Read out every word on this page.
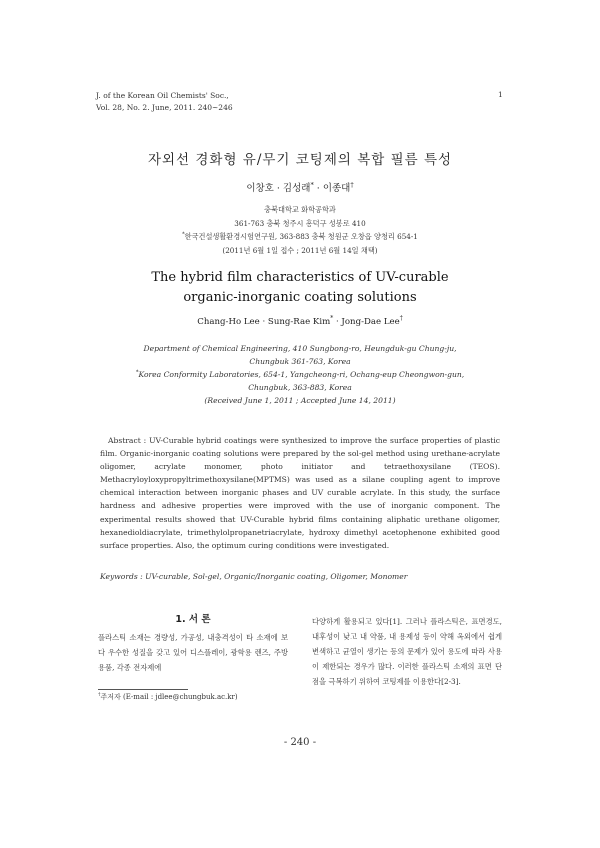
J. of the Korean Oil Chemists' Soc.,
Vol. 28, No. 2. June, 2011. 240~246
1
자외선 경화형 유/무기 코팅제의 복합 필름 특성
이창호 · 김성래* · 이종대†
충북대학교 화학공학과
361-763 충북 청주시 흥덕구 성봉로 410
*한국건설생활환경시험연구원, 363-883 충북 청원군 오창읍 양청리 654-1
(2011년 6월 1일 접수 ; 2011년 6월 14일 채택)
The hybrid film characteristics of UV-curable
organic-inorganic coating solutions
Chang-Ho Lee · Sung-Rae Kim* · Jong-Dae Lee†
Department of Chemical Engineering, 410 Sungbong-ro, Heungduk-gu Chung-ju,
Chungbuk 361-763, Korea
*Korea Conformity Laboratories, 654-1, Yangcheong-ri, Ochang-eup Cheongwon-gun,
Chungbuk, 363-883, Korea
(Received June 1, 2011 ; Accepted June 14, 2011)
Abstract : UV-Curable hybrid coatings were synthesized to improve the surface properties of plastic film. Organic-inorganic coating solutions were prepared by the sol-gel method using urethane-acrylate oligomer, acrylate monomer, photo initiator and tetraethoxysilane (TEOS). Methacryloyloxypropyltrimethoxysilane(MPTMS) was used as a silane coupling agent to improve chemical interaction between inorganic phases and UV curable acrylate. In this study, the surface hardness and adhesive properties were improved with the use of inorganic component. The experimental results showed that UV-Curable hybrid films containing aliphatic urethane oligomer, hexanedioldiacrylate, trimethylolpropanetriacrylate, hydroxy dimethyl acetophenone exhibited good surface properties. Also, the optimum curing conditions were investigated.
Keywords : UV-curable, Sol-gel, Organic/Inorganic coating, Oligomer, Monomer
1. 서 론
플라스틱 소재는 경량성, 가공성, 내충격성이 타 소재에 보다 우수한 성질을 갖고 있어 디스플레이, 광학용 렌즈, 주방용품, 각종 전자제에
다양하게 활용되고 있다[1]. 그러나 플라스틱은, 표면경도, 내후성이 낮고 내 약품, 내 용제성 등이 약해 옥외에서 쉽게 변색하고 균열이 생기는 등의 문제가 있어 용도에 따라 사용이 제한되는 경우가 많다. 이러한 플라스틱 소재의 표면 단점을 극복하기 위하여 코팅제를 이용한다[2-3].
†주저자 (E-mail : jdlee@chungbuk.ac.kr)
- 240 -
